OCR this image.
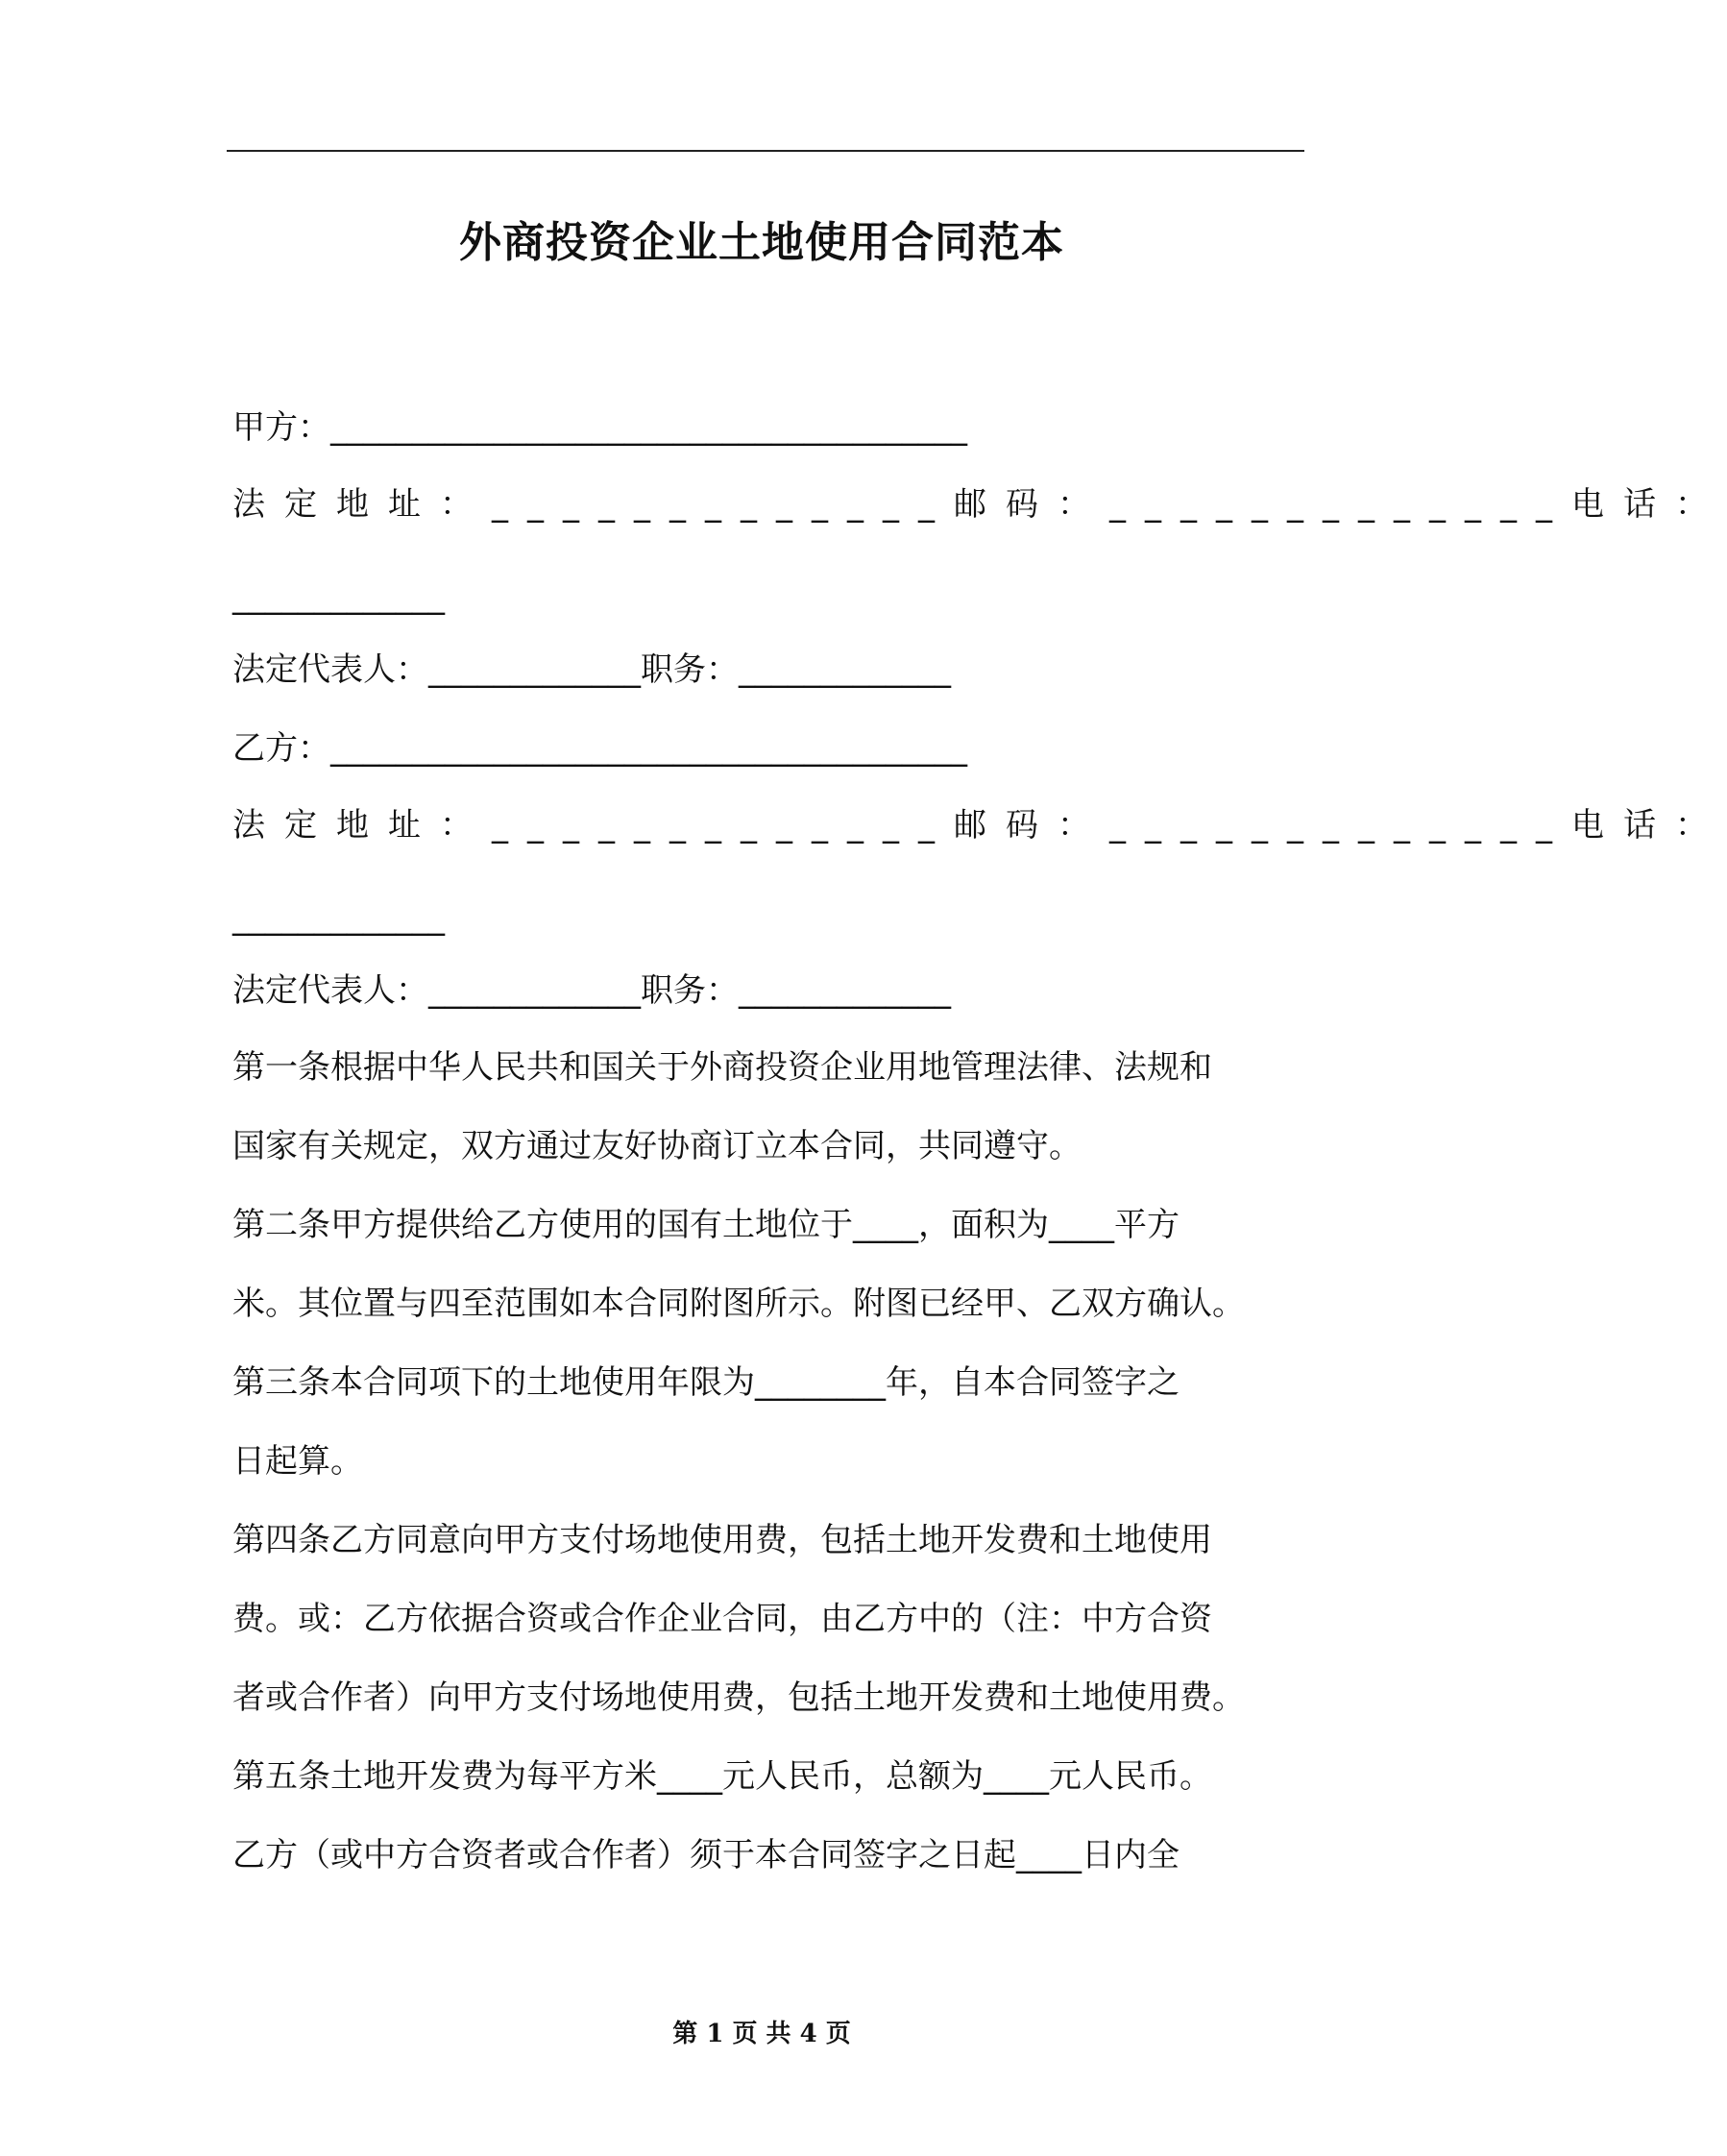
外商投资企业土地使用合同范本
甲方：_______________________________________
法定地址：_____________邮码：_____________电话：
_____________
法定代表人：_____________职务：_____________
乙方：_______________________________________
法定地址：_____________邮码：_____________电话：
_____________
法定代表人：_____________职务：_____________
第一条根据中华人民共和国关于外商投资企业用地管理法律、法规和
国家有关规定，双方通过友好协商订立本合同，共同遵守。
第二条甲方提供给乙方使用的国有土地位于____，面积为____平方
米。其位置与四至范围如本合同附图所示。附图已经甲、乙双方确认。
第三条本合同项下的土地使用年限为________年，自本合同签字之
日起算。
第四条乙方同意向甲方支付场地使用费，包括土地开发费和土地使用
费。或：乙方依据合资或合作企业合同，由乙方中的（注：中方合资
者或合作者）向甲方支付场地使用费，包括土地开发费和土地使用费。
第五条土地开发费为每平方米____元人民币，总额为____元人民币。
乙方（或中方合资者或合作者）须于本合同签字之日起____日内全
第 1 页 共 4 页
